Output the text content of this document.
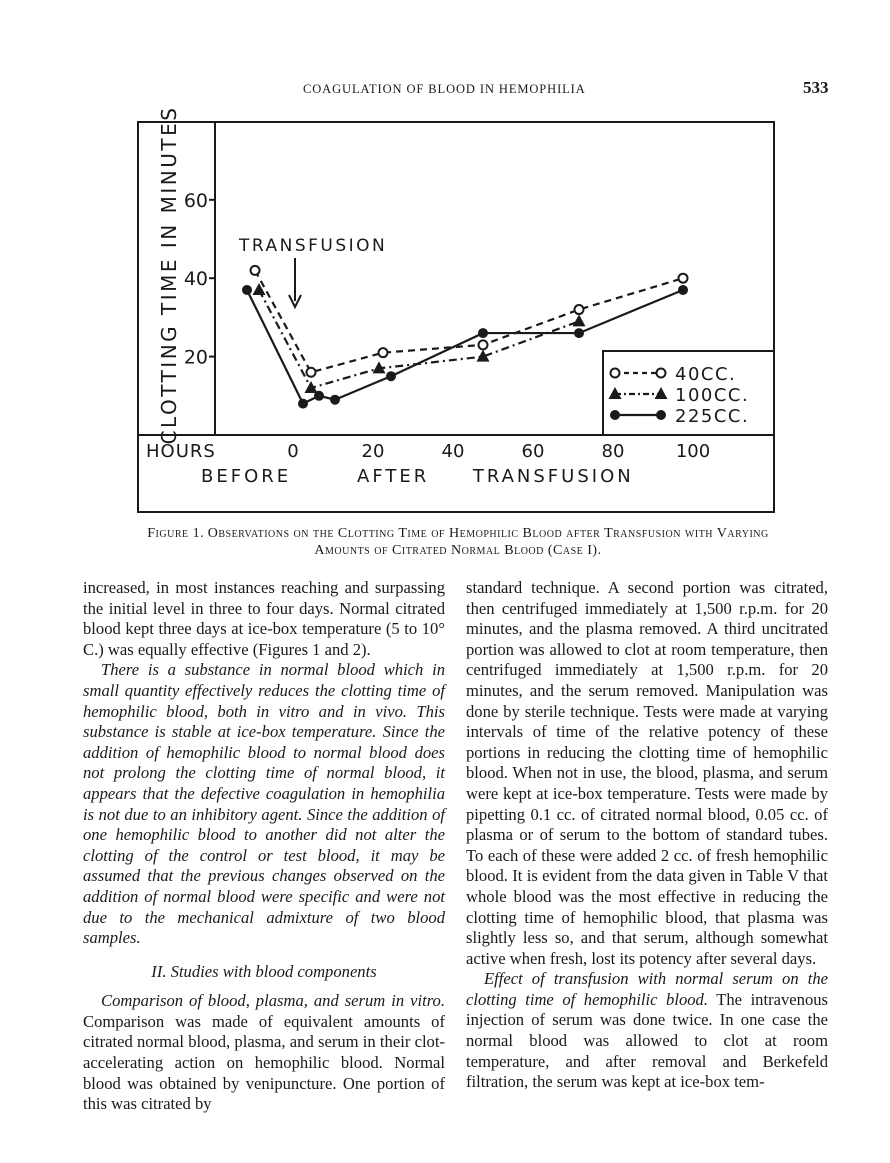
COAGULATION OF BLOOD IN HEMOPHILIA	533
CLOTTING TIME IN MINUTES 20
40
60
0	20	40	60	80	100
HOURS
BEFORE	AFTER     TRANSFUSION
TRANSFUSION
40CC.
100CC.
225CC.
Figure 1. Observations on the Clotting Time of Hemophilic Blood after Transfusion with Varying Amounts of Citrated Normal Blood (Case I).

increased, in most instances reaching and surpassing the initial level in three to four days. Normal citrated blood kept three days at ice-box temperature (5 to 10° C.) was equally effective (Figures 1 and 2).

There is a substance in normal blood which in small quantity effectively reduces the clotting time of hemophilic blood, both in vitro and in vivo. This substance is stable at ice-box temperature. Since the addition of hemophilic blood to normal blood does not prolong the clotting time of normal blood, it appears that the defective coagulation in hemophilia is not due to an inhibitory agent. Since the addition of one hemophilic blood to another did not alter the clotting of the control or test blood, it may be assumed that the previous changes observed on the addition of normal blood were specific and were not due to the mechanical admixture of two blood samples.

II. Studies with blood components

Comparison of blood, plasma, and serum in vitro. Comparison was made of equivalent amounts of citrated normal blood, plasma, and serum in their clot-accelerating action on hemophilic blood. Normal blood was obtained by venipuncture. One portion of this was citrated by

standard technique. A second portion was citrated, then centrifuged immediately at 1,500 r.p.m. for 20 minutes, and the plasma removed. A third uncitrated portion was allowed to clot at room temperature, then centrifuged immediately at 1,500 r.p.m. for 20 minutes, and the serum removed. Manipulation was done by sterile technique. Tests were made at varying intervals of time of the relative potency of these portions in reducing the clotting time of hemophilic blood. When not in use, the blood, plasma, and serum were kept at ice-box temperature. Tests were made by pipetting 0.1 cc. of citrated normal blood, 0.05 cc. of plasma or of serum to the bottom of standard tubes. To each of these were added 2 cc. of fresh hemophilic blood. It is evident from the data given in Table V that whole blood was the most effective in reducing the clotting time of hemophilic blood, that plasma was slightly less so, and that serum, although somewhat active when fresh, lost its potency after several days.

Effect of transfusion with normal serum on the clotting time of hemophilic blood. The intravenous injection of serum was done twice. In one case the normal blood was allowed to clot at room temperature, and after removal and Berkefeld filtration, the serum was kept at ice-box tem-
